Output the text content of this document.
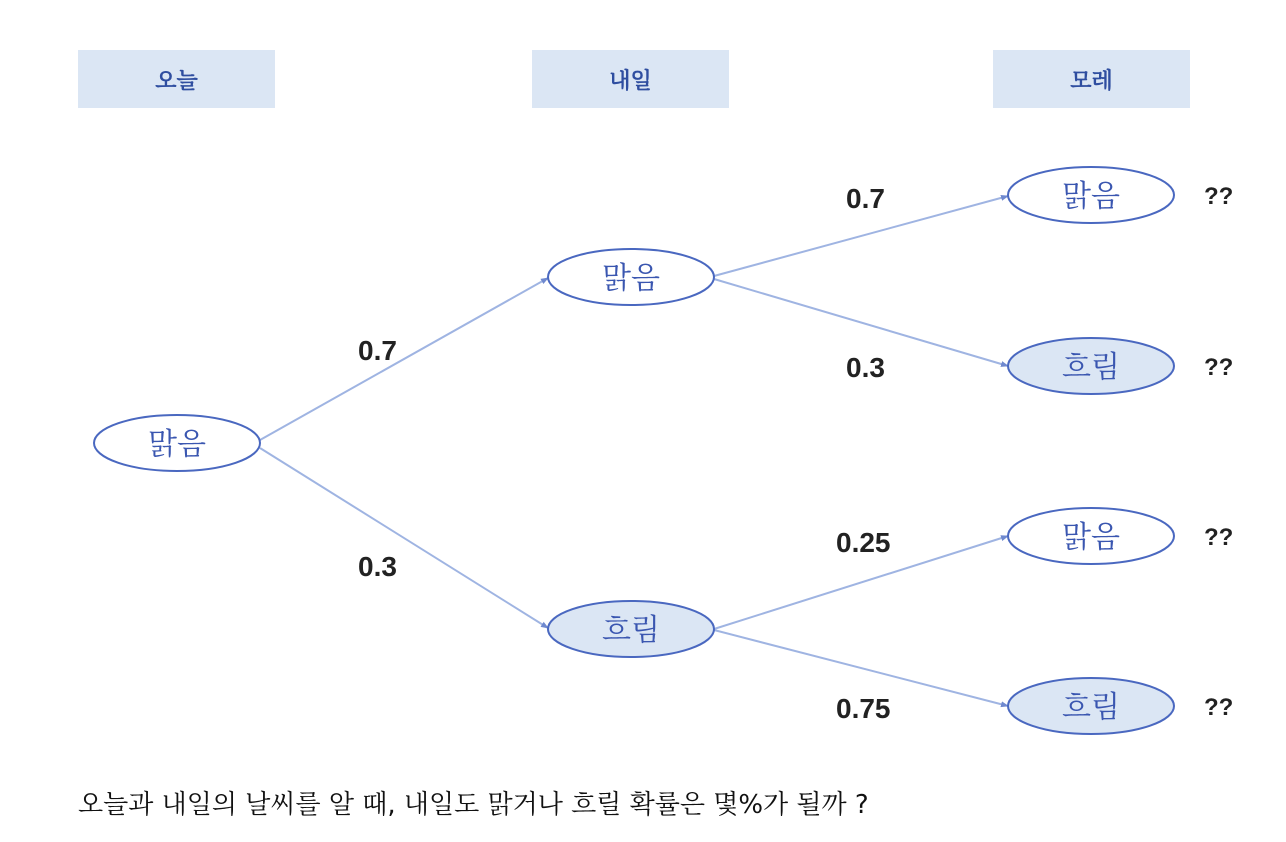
오늘	내일	모레
맑음
맑음
흐림
맑음
흐림
맑음
흐림
0.7
0.3
0.7
0.3
0.25
0.75
??
??
??
??
오늘과 내일의 날씨를 알 때, 내일도 맑거나 흐릴 확률은 몇%가 될까 ?
